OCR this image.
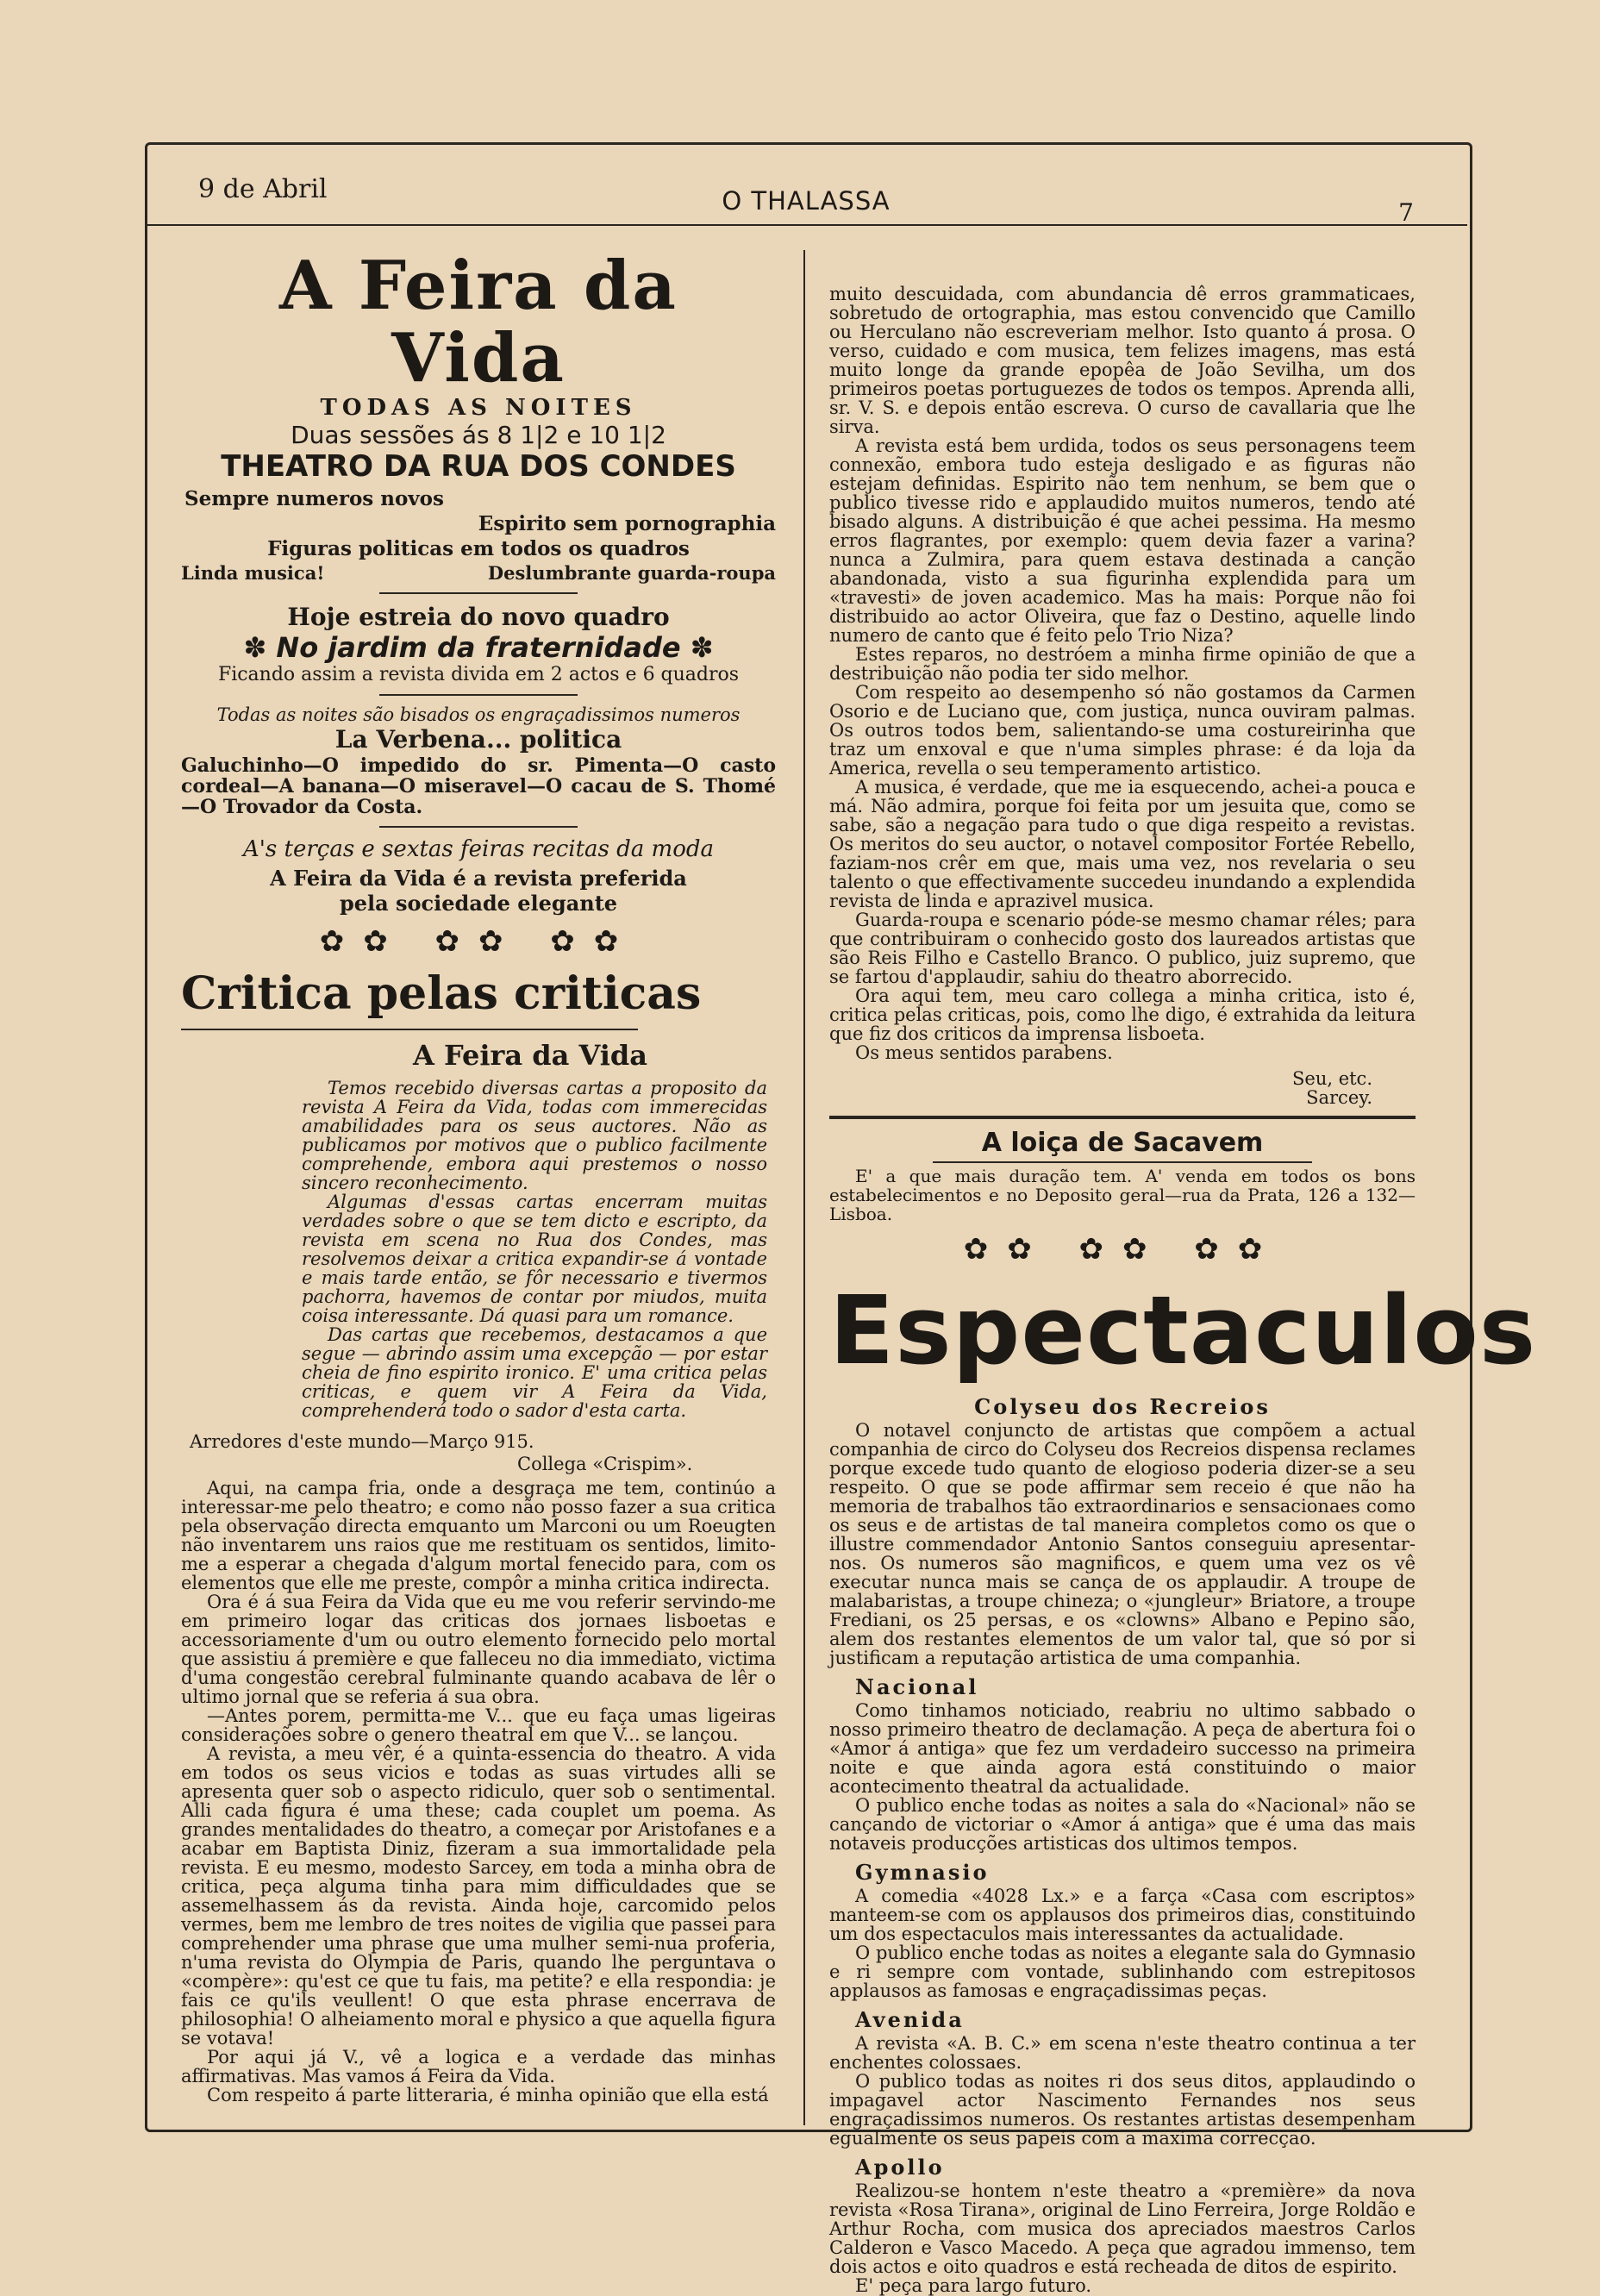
9 de Abril	O THALASSA	7
A Feira da Vida

TODAS AS NOITES

Duas sessões ás 8 1|2 e 10 1|2

THEATRO DA RUA DOS CONDES

Sempre numeros novos

Espirito sem pornographia

Figuras politicas em todos os quadros

Linda musica!	Deslumbrante guarda-roupa

Hoje estreia do novo quadro

✽ No jardim da fraternidade ✽

Ficando assim a revista divida em 2 actos e 6 quadros

Todas as noites são bisados os engraçadissimos numeros

La Verbena... politica

Galuchinho—O impedido do sr. Pimenta—O casto cordeal—A banana—O miseravel—O cacau de S. Thomé—O Trovador da Costa.

A's terças e sextas feiras recitas da moda

A Feira da Vida é a revista preferida

pela sociedade elegante

✿✿ ✿✿ ✿✿

Critica pelas criticas

A Feira da Vida

Temos recebido diversas cartas a proposito da revista A Feira da Vida, todas com immerecidas amabilidades para os seus auctores. Não as publicamos por motivos que o publico facilmente comprehende, embora aqui prestemos o nosso sincero reconhecimento.

Algumas d'essas cartas encerram muitas verdades sobre o que se tem dicto e escripto, da revista em scena no Rua dos Condes, mas resolvemos deixar a critica expandir-se á vontade e mais tarde então, se fôr necessario e tivermos pachorra, havemos de contar por miudos, muita coisa interessante. Dá quasi para um romance.

Das cartas que recebemos, destacamos a que segue — abrindo assim uma excepção — por estar cheia de fino espirito ironico. E' uma critica pelas criticas, e quem vir A Feira da Vida, comprehenderá todo o sador d'esta carta.

Arredores d'este mundo—Março 915.

Collega «Crispim».

Aqui, na campa fria, onde a desgraça me tem, continúo a interessar-me pelo theatro; e como não posso fazer a sua critica pela observação directa emquanto um Marconi ou um Roeugten não inventarem uns raios que me restituam os sentidos, limito-me a esperar a chegada d'algum mortal fenecido para, com os elementos que elle me preste, compôr a minha critica indirecta.

Ora é á sua Feira da Vida que eu me vou referir servindo-me em primeiro logar das criticas dos jornaes lisboetas e accessoriamente d'um ou outro elemento fornecido pelo mortal que assistiu á première e que falleceu no dia immediato, victima d'uma congestão cerebral fulminante quando acabava de lêr o ultimo jornal que se referia á sua obra.

—Antes porem, permitta-me V... que eu faça umas ligeiras considerações sobre o genero theatral em que V... se lançou.

A revista, a meu vêr, é a quinta-essencia do theatro. A vida em todos os seus vicios e todas as suas virtudes alli se apresenta quer sob o aspecto ridiculo, quer sob o sentimental. Alli cada figura é uma these; cada couplet um poema. As grandes mentalidades do theatro, a começar por Aristofanes e a acabar em Baptista Diniz, fizeram a sua immortalidade pela revista. E eu mesmo, modesto Sarcey, em toda a minha obra de critica, peça alguma tinha para mim difficuldades que se assemelhassem ás da revista. Ainda hoje, carcomido pelos vermes, bem me lembro de tres noites de vigilia que passei para comprehender uma phrase que uma mulher semi-nua proferia, n'uma revista do Olympia de Paris, quando lhe perguntava o «compère»: qu'est ce que tu fais, ma petite? e ella respondia: je fais ce qu'ils veullent! O que esta phrase encerrava de philosophia! O alheiamento moral e physico a que aquella figura se votava!

Por aqui já V., vê a logica e a verdade das minhas affirmativas. Mas vamos á Feira da Vida.

Com respeito á parte litteraria, é minha opinião que ella está

muito descuidada, com abundancia dê erros grammaticaes, sobretudo de ortographia, mas estou convencido que Camillo ou Herculano não escreveriam melhor. Isto quanto á prosa. O verso, cuidado e com musica, tem felizes imagens, mas está muito longe da grande epopêa de João Sevilha, um dos primeiros poetas portuguezes de todos os tempos. Aprenda alli, sr. V. S. e depois então escreva. O curso de cavallaria que lhe sirva.

A revista está bem urdida, todos os seus personagens teem connexão, embora tudo esteja desligado e as figuras não estejam definidas. Espirito não tem nenhum, se bem que o publico tivesse rido e applaudido muitos numeros, tendo até bisado alguns. A distribuição é que achei pessima. Ha mesmo erros flagrantes, por exemplo: quem devia fazer a varina? nunca a Zulmira, para quem estava destinada a canção abandonada, visto a sua figurinha explendida para um «travesti» de joven academico. Mas ha mais: Porque não foi distribuido ao actor Oliveira, que faz o Destino, aquelle lindo numero de canto que é feito pelo Trio Niza?

Estes reparos, no destróem a minha firme opinião de que a destribuição não podia ter sido melhor.

Com respeito ao desempenho só não gostamos da Carmen Osorio e de Luciano que, com justiça, nunca ouviram palmas. Os outros todos bem, salientando-se uma costureirinha que traz um enxoval e que n'uma simples phrase: é da loja da America, revella o seu temperamento artistico.

A musica, é verdade, que me ia esquecendo, achei-a pouca e má. Não admira, porque foi feita por um jesuita que, como se sabe, são a negação para tudo o que diga respeito a revistas. Os meritos do seu auctor, o notavel compositor Fortée Rebello, faziam-nos crêr em que, mais uma vez, nos revelaria o seu talento o que effectivamente succedeu inundando a explendida revista de linda e aprazivel musica.

Guarda-roupa e scenario póde-se mesmo chamar réles; para que contribuiram o conhecido gosto dos laureados artistas que são Reis Filho e Castello Branco. O publico, juiz supremo, que se fartou d'applaudir, sahiu do theatro aborrecido.

Ora aqui tem, meu caro collega a minha critica, isto é, critica pelas criticas, pois, como lhe digo, é extrahida da leitura que fiz dos criticos da imprensa lisboeta.

Os meus sentidos parabens.

Seu, etc.

Sarcey.

A loiça de Sacavem

E' a que mais duração tem. A' venda em todos os bons estabelecimentos e no Deposito geral—rua da Prata, 126 a 132—Lisboa.

✿✿ ✿✿ ✿✿

Espectaculos

Colyseu dos Recreios

O notavel conjuncto de artistas que compõem a actual companhia de circo do Colyseu dos Recreios dispensa reclames porque excede tudo quanto de elogioso poderia dizer-se a seu respeito. O que se pode affirmar sem receio é que não ha memoria de trabalhos tão extraordinarios e sensacionaes como os seus e de artistas de tal maneira completos como os que o illustre commendador Antonio Santos conseguiu apresentar-nos. Os numeros são magnificos, e quem uma vez os vê executar nunca mais se cança de os applaudir. A troupe de malabaristas, a troupe chineza; o «jungleur» Briatore, a troupe Frediani, os 25 persas, e os «clowns» Albano e Pepino são, alem dos restantes elementos de um valor tal, que só por si justificam a reputação artistica de uma companhia.

Nacional

Como tinhamos noticiado, reabriu no ultimo sabbado o nosso primeiro theatro de declamação. A peça de abertura foi o «Amor á antiga» que fez um verdadeiro successo na primeira noite e que ainda agora está constituindo o maior acontecimento theatral da actualidade.

O publico enche todas as noites a sala do «Nacional» não se cançando de victoriar o «Amor á antiga» que é uma das mais notaveis producções artisticas dos ultimos tempos.

Gymnasio

A comedia «4028 Lx.» e a farça «Casa com escriptos» manteem-se com os applausos dos primeiros dias, constituindo um dos espectaculos mais interessantes da actualidade.

O publico enche todas as noites a elegante sala do Gymnasio e ri sempre com vontade, sublinhando com estrepitosos applausos as famosas e engraçadissimas peças.

Avenida

A revista «A. B. C.» em scena n'este theatro continua a ter enchentes colossaes.

O publico todas as noites ri dos seus ditos, applaudindo o impagavel actor Nascimento Fernandes nos seus engraçadissimos numeros. Os restantes artistas desempenham egualmente os seus papeis com a maxima correcção.

Apollo

Realizou-se hontem n'este theatro a «première» da nova revista «Rosa Tirana», original de Lino Ferreira, Jorge Roldão e Arthur Rocha, com musica dos apreciados maestros Carlos Calderon e Vasco Macedo. A peça que agradou immenso, tem dois actos e oito quadros e está recheada de ditos de espirito.

E' peça para largo futuro.
